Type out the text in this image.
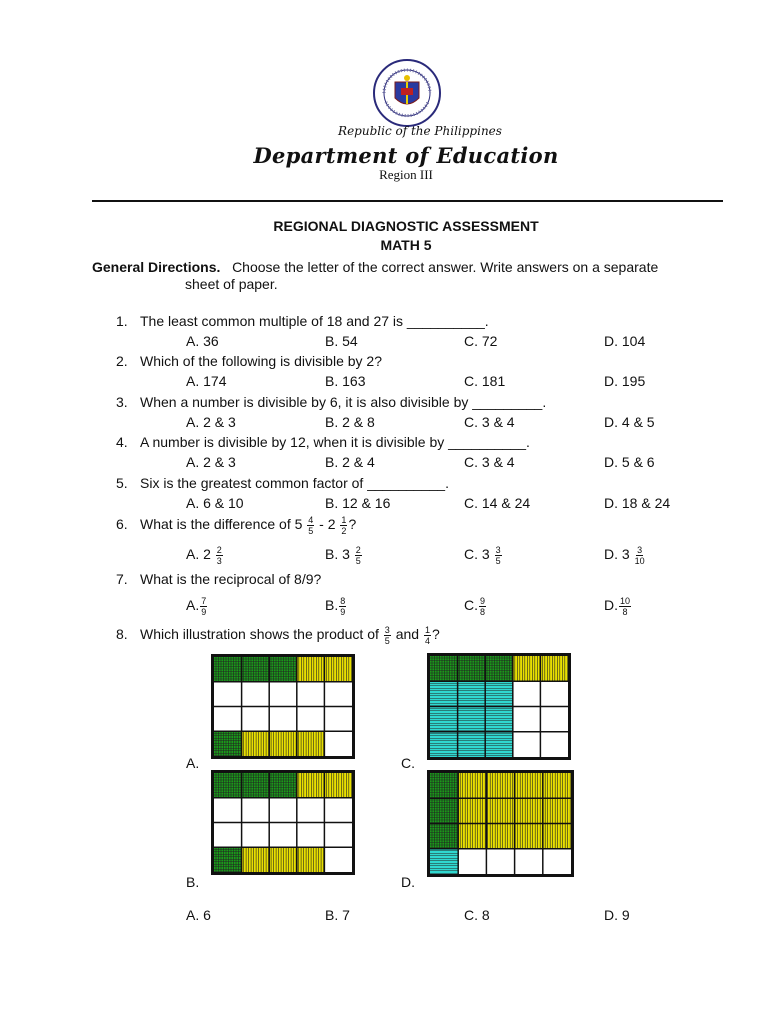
Republic of the Philippines
Department of Education
Region III
REGIONAL DIAGNOSTIC ASSESSMENT
MATH 5
General Directions. Choose the letter of the correct answer. Write answers on a separate
sheet of paper.
1. The least common multiple of 18 and 27 is __________.
A. 36	B. 54	C. 72	D. 104
2. Which of the following is divisible by 2?
A. 174	B. 163	C. 181	D. 195
3. When a number is divisible by 6, it is also divisible by _________.
A. 2 & 3	B. 2 & 8	C. 3 & 4	D. 4 & 5
4. A number is divisible by 12, when it is divisible by __________.
A. 2 & 3	B. 2 & 4	C. 3 & 4	D. 5 & 6
5. Six is the greatest common factor of __________.
A. 6 & 10	B. 12 & 16	C. 14 & 24	D. 18 & 24
6. What is the difference of $5 \frac{4}{5} - 2 \frac{1}{2}$ ?
A. $2 \frac{2}{3}$	B. $3 \frac{2}{5}$	C. $3 \frac{3}{5}$	D. $3 \frac{3}{10}$
7. What is the reciprocal of 8/9?
A. $\frac{7}{9}$	B. $\frac{8}{9}$	C. $\frac{9}{8}$	D. $\frac{10}{8}$
8. Which illustration shows the product of $\frac{3}{5}$ and $\frac{1}{4}$ ?
A.	C.
B.	D.
A. 6	B. 7	C. 8	D. 9
